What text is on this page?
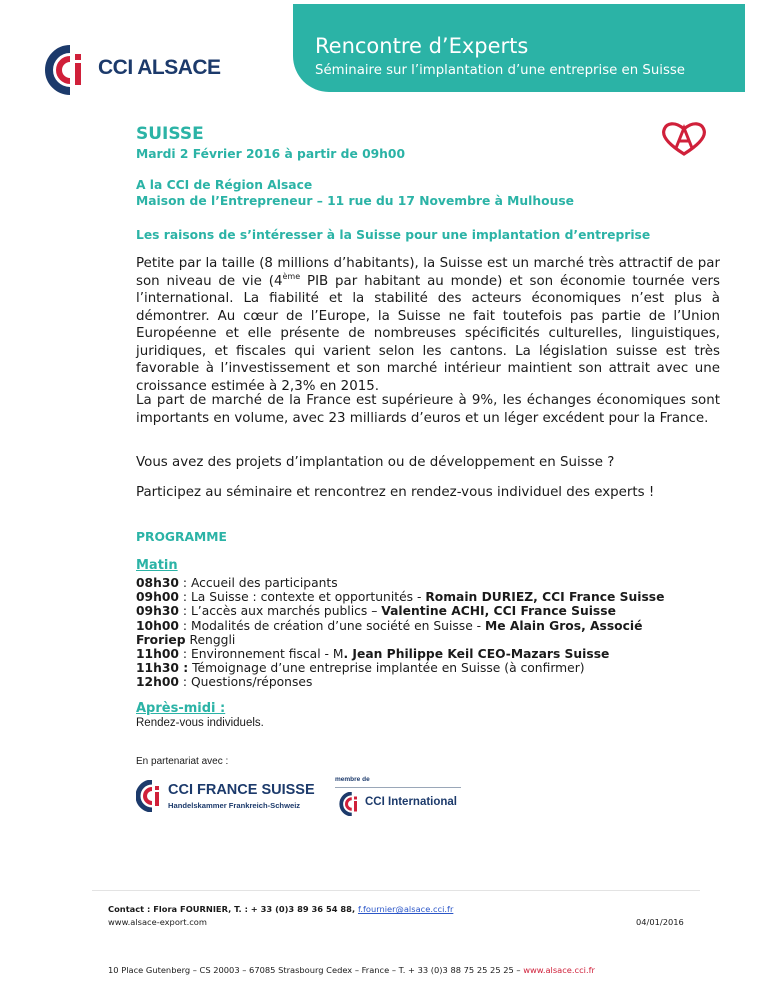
CCI ALSACE
Rencontre d’Experts
Séminaire sur l’implantation d’une entreprise en Suisse
SUISSE
Mardi 2 Février 2016 à partir de 09h00
A la CCI de Région Alsace
Maison de l’Entrepreneur – 11 rue du 17 Novembre à Mulhouse
Les raisons de s’intéresser à la Suisse pour une implantation d’entreprise
Petite par la taille (8 millions d’habitants), la Suisse est un marché très attractif de par son niveau de vie (4ème PIB par habitant au monde) et son économie tournée vers l’international. La fiabilité et la stabilité des acteurs économiques n’est plus à démontrer. Au cœur de l’Europe, la Suisse ne fait toutefois pas partie de l’Union Européenne et elle présente de nombreuses spécificités culturelles, linguistiques, juridiques, et fiscales qui varient selon les cantons. La législation suisse est très favorable à l’investissement et son marché intérieur maintient son attrait avec une croissance estimée à 2,3% en 2015.
La part de marché de la France est supérieure à 9%, les échanges économiques sont importants en volume, avec 23 milliards d’euros et un léger excédent pour la France.
Vous avez des projets d’implantation ou de développement en Suisse ?
Participez au séminaire et rencontrez en rendez-vous individuel des experts !
PROGRAMME
Matin
08h30 : Accueil des participants
09h00 : La Suisse : contexte et opportunités - Romain DURIEZ, CCI France Suisse
09h30 : L’accès aux marchés publics – Valentine ACHI, CCI France Suisse
10h00 : Modalités de création d’une société en Suisse - Me Alain Gros, Associé
Froriep Renggli
11h00 : Environnement fiscal - M. Jean Philippe Keil CEO-Mazars Suisse
11h30 : Témoignage d’une entreprise implantée en Suisse (à confirmer)
12h00 : Questions/réponses
Après-midi :
Rendez-vous individuels.
En partenariat avec :
CCI FRANCE SUISSE
Handelskammer Frankreich-Schweiz
membre de
CCI International
Contact : Flora FOURNIER, T. : + 33 (0)3 89 36 54 88, f.fournier@alsace.cci.fr
www.alsace-export.com	04/01/2016
10 Place Gutenberg – CS 20003 – 67085 Strasbourg Cedex – France – T. + 33 (0)3 88 75 25 25 25 – www.alsace.cci.fr
